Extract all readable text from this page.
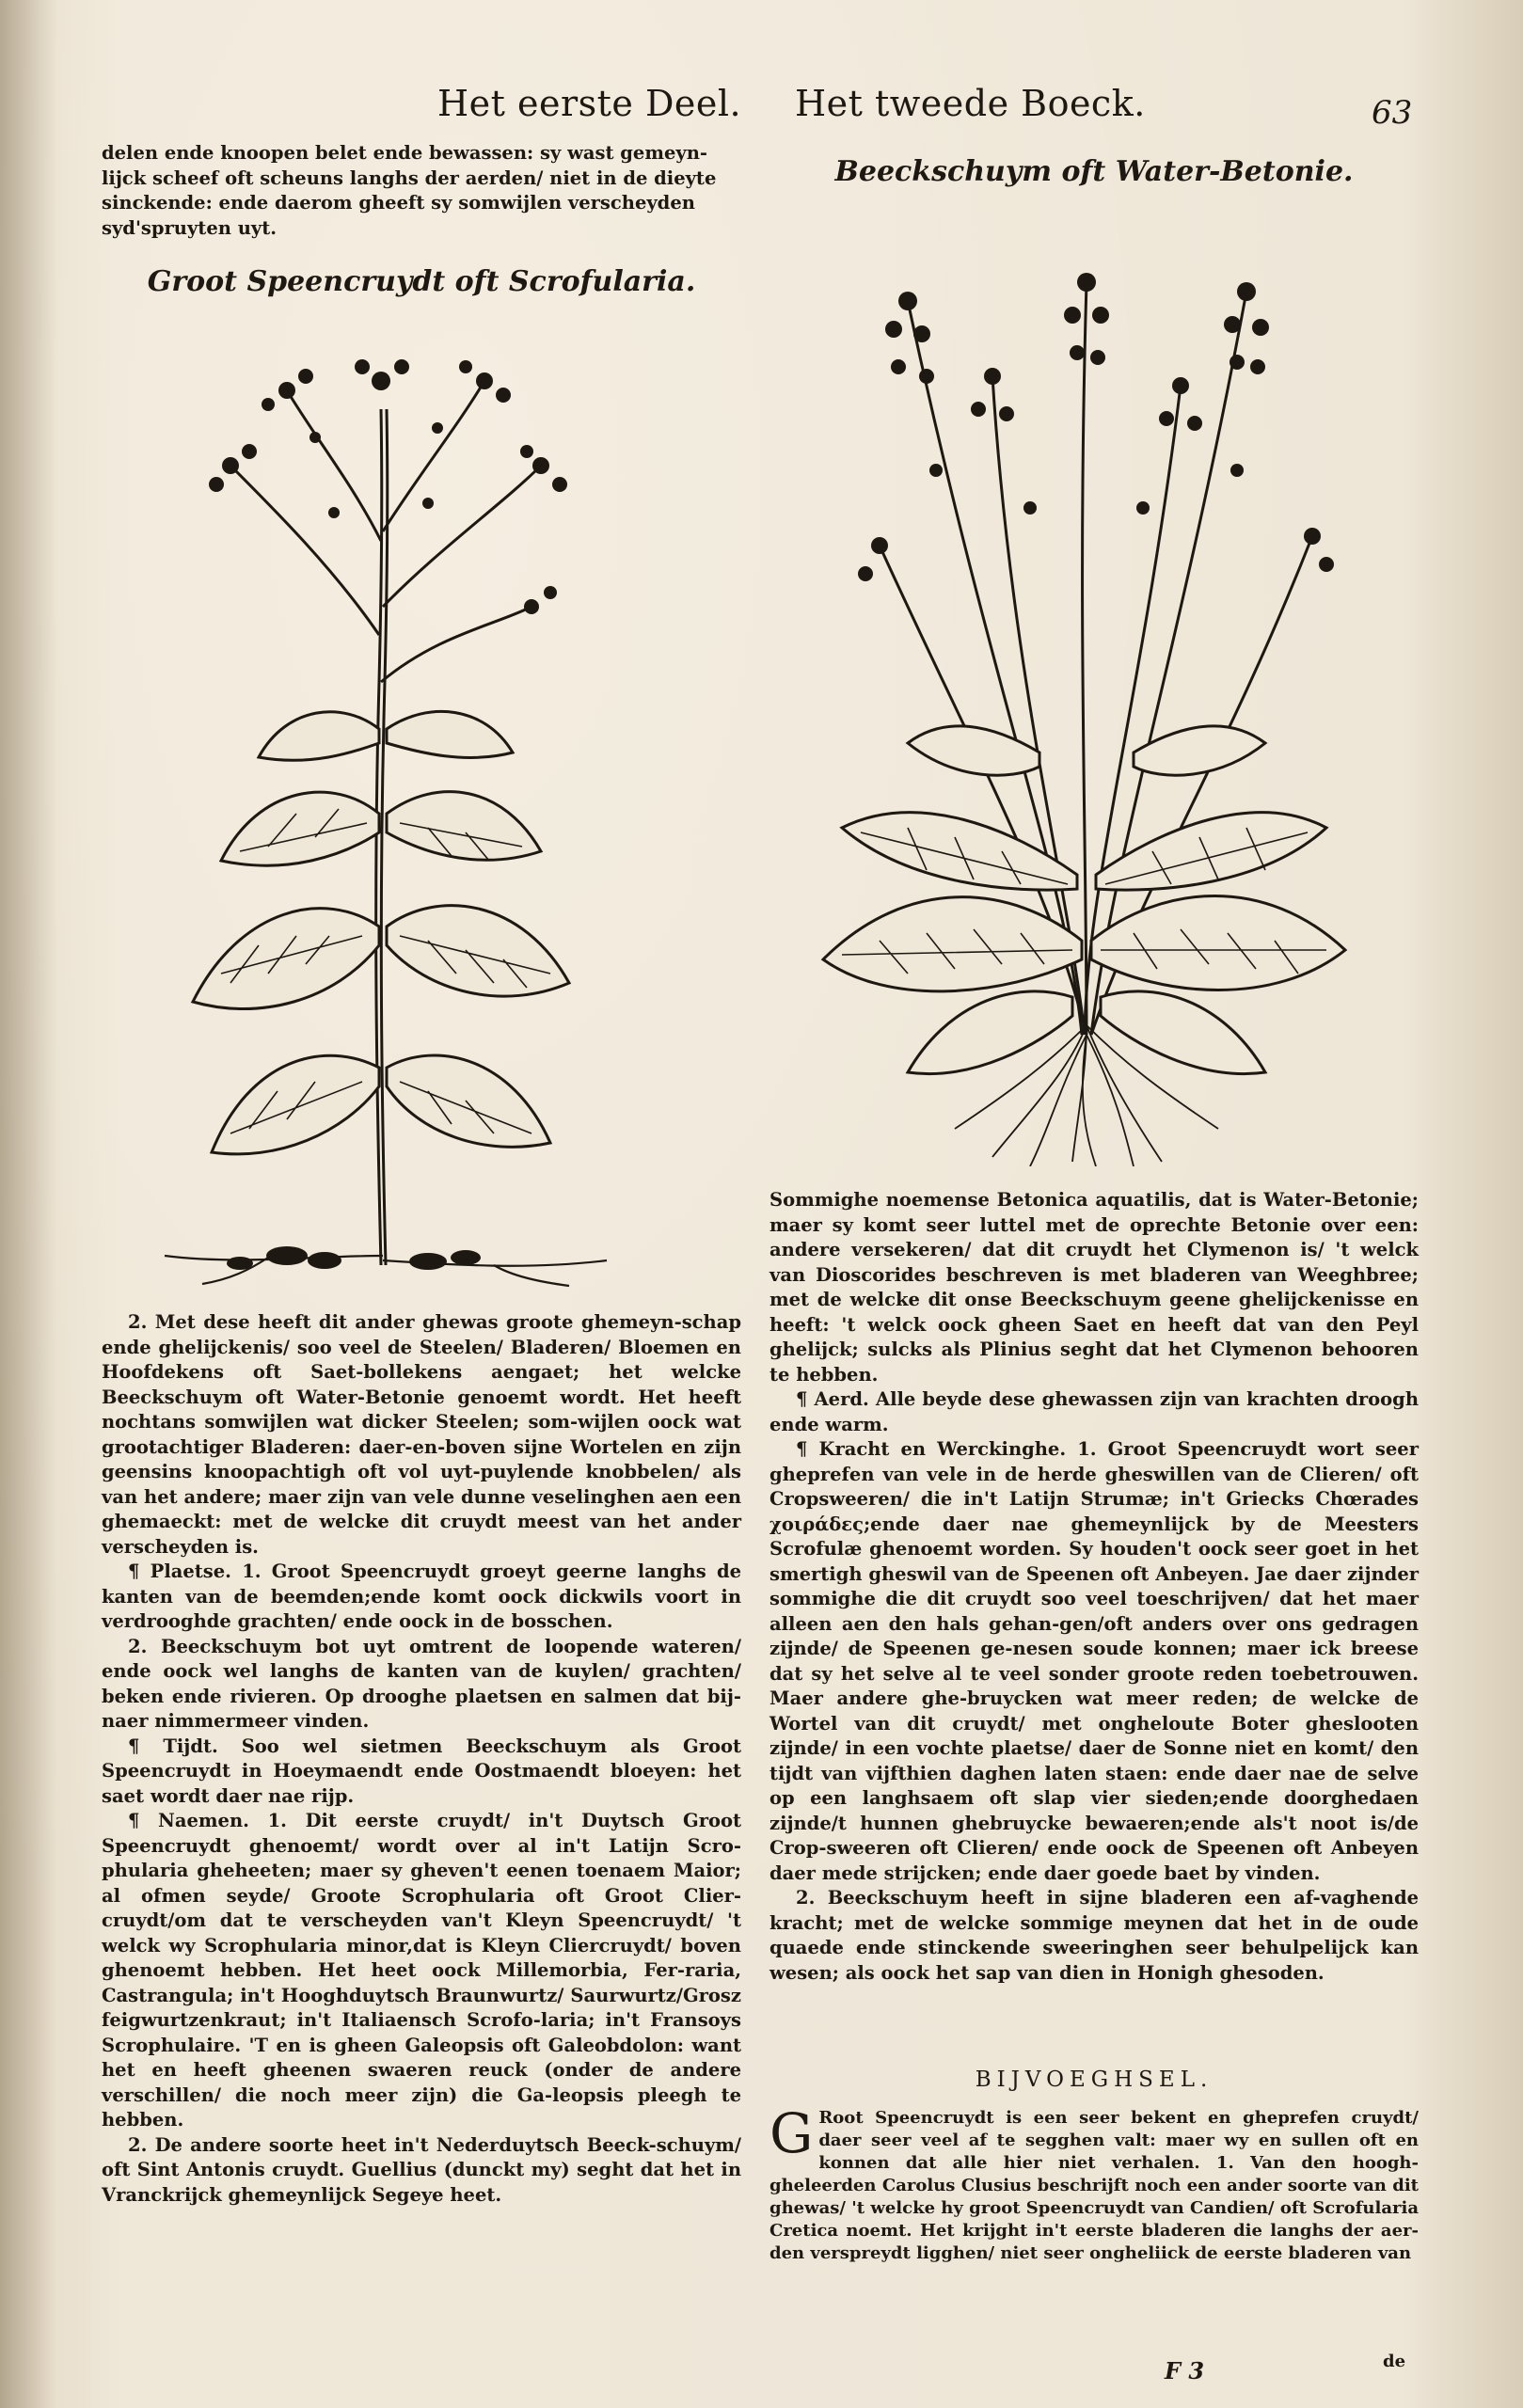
Het eerste Deel. Het tweede Boeck.	63

delen ende knoopen belet ende bewassen: sy wast gemeyn-

lijck scheef oft scheuns langhs der aerden/ niet in de dieyte

sinckende: ende daerom gheeft sy somwijlen verscheyden

syd'spruyten uyt.

Groot Speencruydt oft Scrofularia.

2. Met dese heeft dit ander ghewas groote ghemeyn-schap ende ghelijckenis/ soo veel de Steelen/ Bladeren/ Bloemen en Hoofdekens oft Saet-bollekens aengaet; het welcke Beeckschuym oft Water-Betonie genoemt wordt. Het heeft nochtans somwijlen wat dicker Steelen; som-wijlen oock wat grootachtiger Bladeren: daer-en-boven sijne Wortelen en zijn geensins knoopachtigh oft vol uyt-puylende knobbelen/ als van het andere; maer zijn van vele dunne veselinghen aen een ghemaeckt: met de welcke dit cruydt meest van het ander verscheyden is.

¶ Plaetse. 1. Groot Speencruydt groeyt geerne langhs de kanten van de beemden;ende komt oock dickwils voort in verdrooghde grachten/ ende oock in de bosschen.

2. Beeckschuym bot uyt omtrent de loopende wateren/ ende oock wel langhs de kanten van de kuylen/ grachten/ beken ende rivieren. Op drooghe plaetsen en salmen dat bij-naer nimmermeer vinden.

¶ Tijdt. Soo wel sietmen Beeckschuym als Groot Speencruydt in Hoeymaendt ende Oostmaendt bloeyen: het saet wordt daer nae rijp.

¶ Naemen. 1. Dit eerste cruydt/ in't Duytsch Groot Speencruydt ghenoemt/ wordt over al in't Latijn Scro-phularia gheheeten; maer sy gheven't eenen toenaem Maior; al ofmen seyde/ Groote Scrophularia oft Groot Clier-cruydt/om dat te verscheyden van't Kleyn Speencruydt/ 't welck wy Scrophularia minor,dat is Kleyn Cliercruydt/ boven ghenoemt hebben. Het heet oock Millemorbia, Fer-raria, Castrangula; in't Hooghduytsch Braunwurtz/ Saurwurtz/Grosz feigwurtzenkraut; in't Italiaensch Scrofo-laria; in't Fransoys Scrophulaire. 'T en is gheen Galeopsis oft Galeobdolon: want het en heeft gheenen swaeren reuck (onder de andere verschillen/ die noch meer zijn) die Ga-leopsis pleegh te hebben.

2. De andere soorte heet in't Nederduytsch Beeck-schuym/ oft Sint Antonis cruydt. Guellius (dunckt my) seght dat het in Vranckrijck ghemeynlijck Segeye heet.

Beeckschuym oft Water-Betonie.

Sommighe noemense Betonica aquatilis, dat is Water-Betonie; maer sy komt seer luttel met de oprechte Betonie over een: andere versekeren/ dat dit cruydt het Clymenon is/ 't welck van Dioscorides beschreven is met bladeren van Weeghbree; met de welcke dit onse Beeckschuym geene ghelijckenisse en heeft: 't welck oock gheen Saet en heeft dat van den Peyl ghelijck; sulcks als Plinius seght dat het Clymenon behooren te hebben.

¶ Aerd. Alle beyde dese ghewassen zijn van krachten droogh ende warm.

¶ Kracht en Werckinghe. 1. Groot Speencruydt wort seer gheprefen van vele in de herde gheswillen van de Clieren/ oft Cropsweeren/ die in't Latijn Strumæ; in't Griecks Chœrades χοιράδες;ende daer nae ghemeynlijck by de Meesters Scrofulæ ghenoemt worden. Sy houden't oock seer goet in het smertigh gheswil van de Speenen oft Anbeyen. Jae daer zijnder sommighe die dit cruydt soo veel toeschrijven/ dat het maer alleen aen den hals gehan-gen/oft anders over ons gedragen zijnde/ de Speenen ge-nesen soude konnen; maer ick breese dat sy het selve al te veel sonder groote reden toebetrouwen. Maer andere ghe-bruycken wat meer reden; de welcke de Wortel van dit cruydt/ met ongheloute Boter gheslooten zijnde/ in een vochte plaetse/ daer de Sonne niet en komt/ den tijdt van vijfthien daghen laten staen: ende daer nae de selve op een langhsaem oft slap vier sieden;ende doorghedaen zijnde/t hunnen ghebruycke bewaeren;ende als't noot is/de Crop-sweeren oft Clieren/ ende oock de Speenen oft Anbeyen daer mede strijcken; ende daer goede baet by vinden.

2. Beeckschuym heeft in sijne bladeren een af-vaghende kracht; met de welcke sommige meynen dat het in de oude quaede ende stinckende sweeringhen seer behulpelijck kan wesen; als oock het sap van dien in Honigh ghesoden.

BIJVOEGHSEL.
G Root Speencruydt is een seer bekent en gheprefen cruydt/ daer seer veel af te segghen valt: maer wy en sullen oft en konnen dat alle hier niet verhalen. 1. Van den hoogh-gheleerden Carolus Clusius beschrijft noch een ander soorte van dit ghewas/ 't welcke hy groot Speencruydt van Candien/ oft Scrofularia Cretica noemt. Het krijght in't eerste bladeren die langhs der aer-den verspreydt ligghen/ niet seer ongheliick de eerste bladeren van

F 3	de
